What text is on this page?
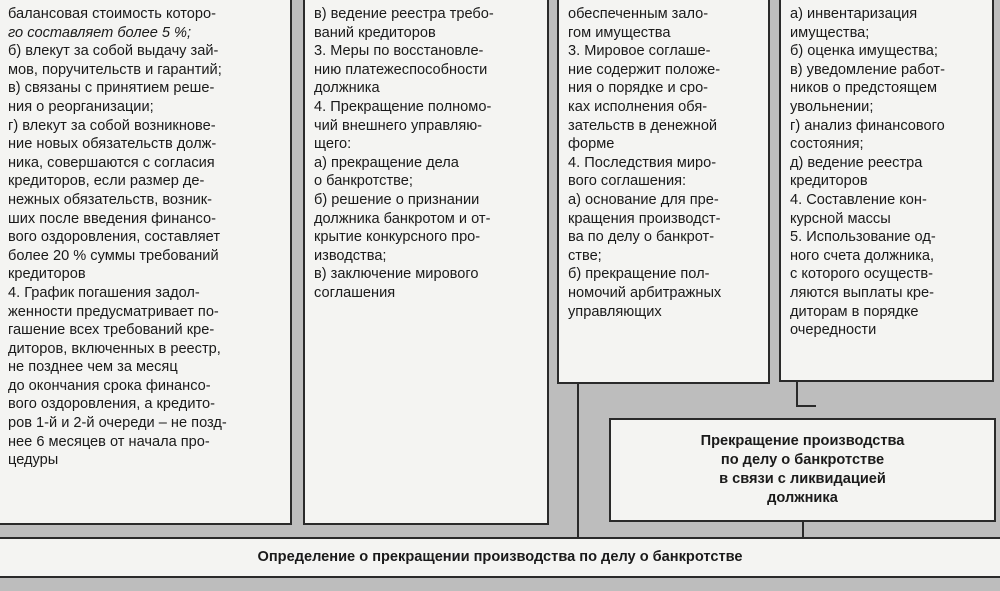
балансовая стоимость которо-
го составляет более 5 %;
б) влекут за собой выдачу зай-
мов, поручительств и гарантий;
в) связаны с принятием реше-
ния о реорганизации;
г) влекут за собой возникнове-
ние новых обязательств долж-
ника, совершаются с согласия
кредиторов, если размер де-
нежных обязательств, возник-
ших после введения финансо-
вого оздоровления, составляет
более 20 % суммы требований
кредиторов
4. График погашения задол-
женности предусматривает по-
гашение всех требований кре-
диторов, включенных в реестр,
не позднее чем за месяц
до окончания срока финансо-
вого оздоровления, а кредито-
ров 1-й и 2-й очереди – не позд-
нее 6 месяцев от начала про-
цедуры
в) ведение реестра требо-
ваний кредиторов
3. Меры по восстановле-
нию платежеспособности
должника
4. Прекращение полномо-
чий внешнего управляю-
щего:
а) прекращение дела
о банкротстве;
б) решение о признании
должника банкротом и от-
крытие конкурсного про-
изводства;
в) заключение мирового
соглашения
обеспеченным зало-
гом имущества
3. Мировое соглаше-
ние содержит положе-
ния о порядке и сро-
ках исполнения обя-
зательств в денежной
форме
4. Последствия миро-
вого соглашения:
а) основание для пре-
кращения производст-
ва по делу о банкрот-
стве;
б) прекращение пол-
номочий арбитражных
управляющих
а) инвентаризация
имущества;
б) оценка имущества;
в) уведомление работ-
ников о предстоящем
увольнении;
г) анализ финансового
состояния;
д) ведение реестра
кредиторов
4. Составление кон-
курсной массы
5. Использование од-
ного счета должника,
с которого осуществ-
ляются выплаты кре-
диторам в порядке
очередности
Прекращение производства
по делу о банкротстве
в связи с ликвидацией
должника
Определение о прекращении производства по делу о банкротстве
